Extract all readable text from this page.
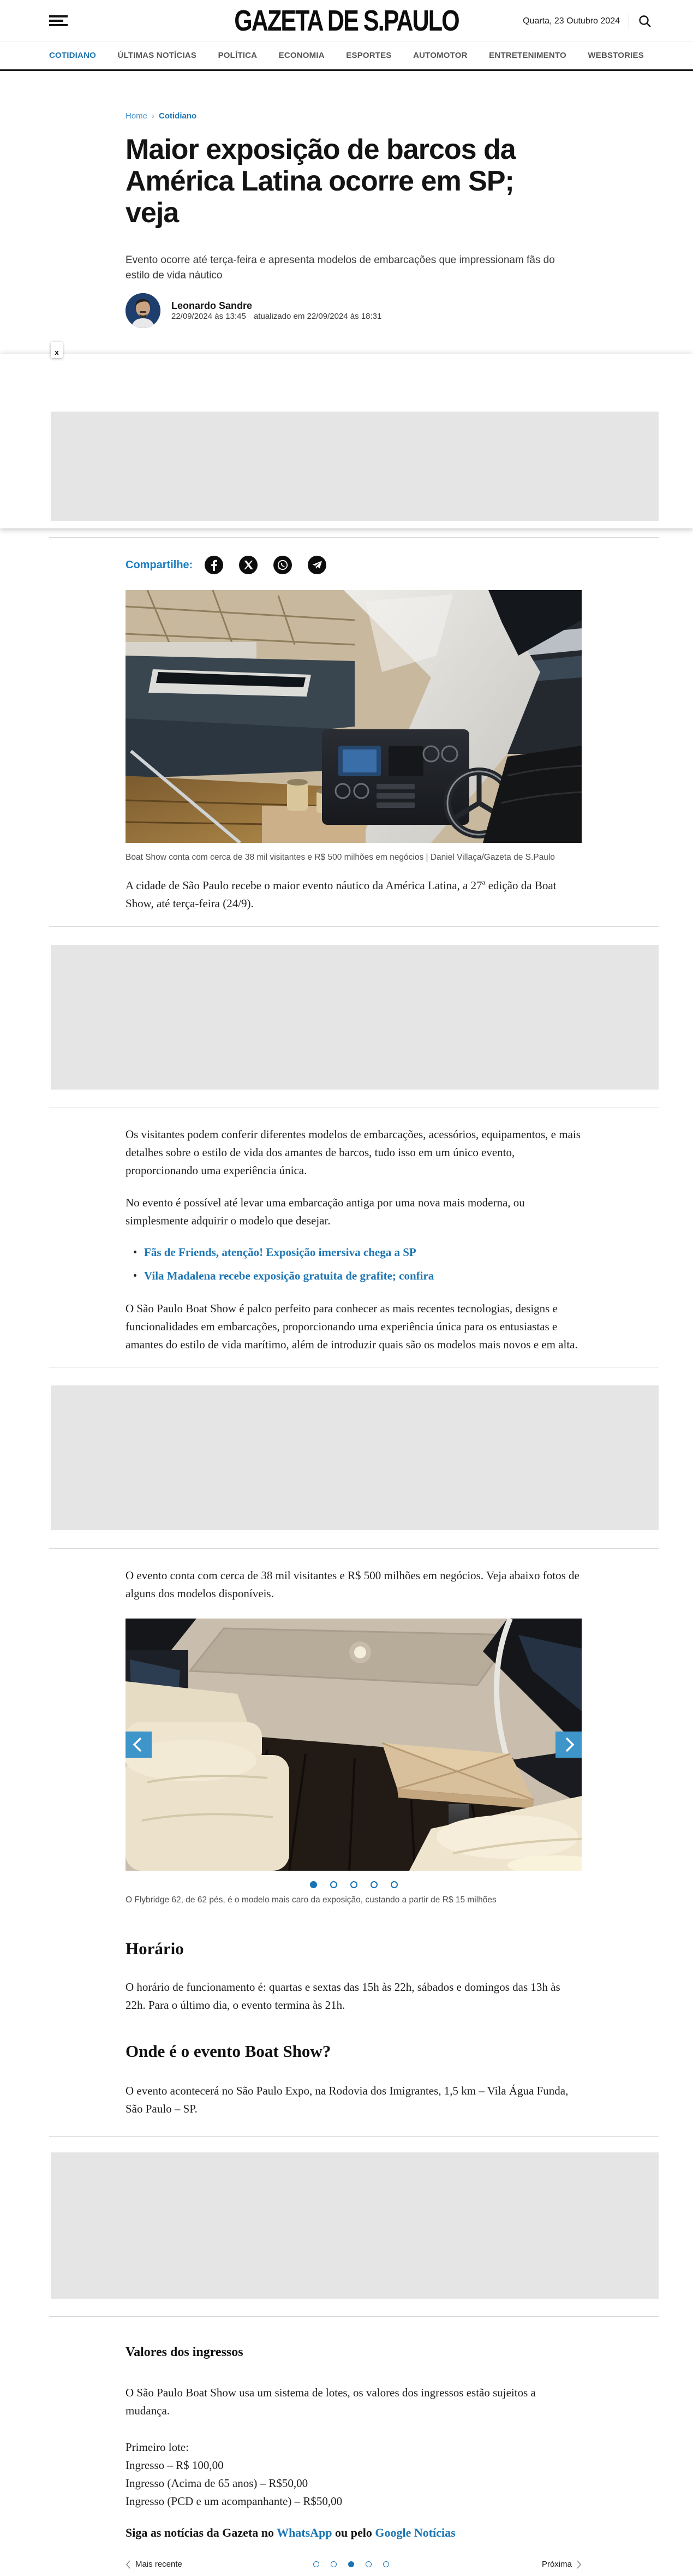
GAZETA DE S.PAULO	Quarta, 23 Outubro 2024
COTIDIANO	ÚLTIMAS NOTÍCIAS	POLÍTICA	ECONOMIA	ESPORTES	AUTOMOTOR	ENTRETENIMENTO	WEBSTORIES
Home › Cotidiano
Maior exposição de barcos da América Latina ocorre em SP; veja

Evento ocorre até terça-feira e apresenta modelos de embarcações que impressionam fãs do estilo de vida náutico

Leonardo Sandre
22/09/2024 às 13:45 atualizado em 22/09/2024 às 18:31
x
Compartilhe:
Boat Show conta com cerca de 38 mil visitantes e R$ 500 milhões em negócios | Daniel Villaça/Gazeta de S.Paulo

A cidade de São Paulo recebe o maior evento náutico da América Latina, a 27ª edição da Boat Show, até terça-feira (24/9).

Os visitantes podem conferir diferentes modelos de embarcações, acessórios, equipamentos, e mais detalhes sobre o estilo de vida dos amantes de barcos, tudo isso em um único evento, proporcionando uma experiência única.

No evento é possível até levar uma embarcação antiga por uma nova mais moderna, ou simplesmente adquirir o modelo que desejar.

Fãs de Friends, atenção! Exposição imersiva chega a SP
Vila Madalena recebe exposição gratuita de grafite; confira

O São Paulo Boat Show é palco perfeito para conhecer as mais recentes tecnologias, designs e funcionalidades em embarcações, proporcionando uma experiência única para os entusiastas e amantes do estilo de vida marítimo, além de introduzir quais são os modelos mais novos e em alta.

O evento conta com cerca de 38 mil visitantes e R$ 500 milhões em negócios. Veja abaixo fotos de alguns dos modelos disponíveis.

O Flybridge 62, de 62 pés, é o modelo mais caro da exposição, custando a partir de R$ 15 milhões
Horário

O horário de funcionamento é: quartas e sextas das 15h às 22h, sábados e domingos das 13h às 22h. Para o último dia, o evento termina às 21h.

Onde é o evento Boat Show?

O evento acontecerá no São Paulo Expo, na Rodovia dos Imigrantes, 1,5 km – Vila Água Funda, São Paulo – SP.

Valores dos ingressos

O São Paulo Boat Show usa um sistema de lotes, os valores dos ingressos estão sujeitos a mudança.

Primeiro lote:
Ingresso – R$ 100,00
Ingresso (Acima de 65 anos) – R$50,00
Ingresso (PCD e um acompanhante) – R$50,00

Siga as notícias da Gazeta no WhatsApp ou pelo Google Notícias

Mais recente	Próxima
